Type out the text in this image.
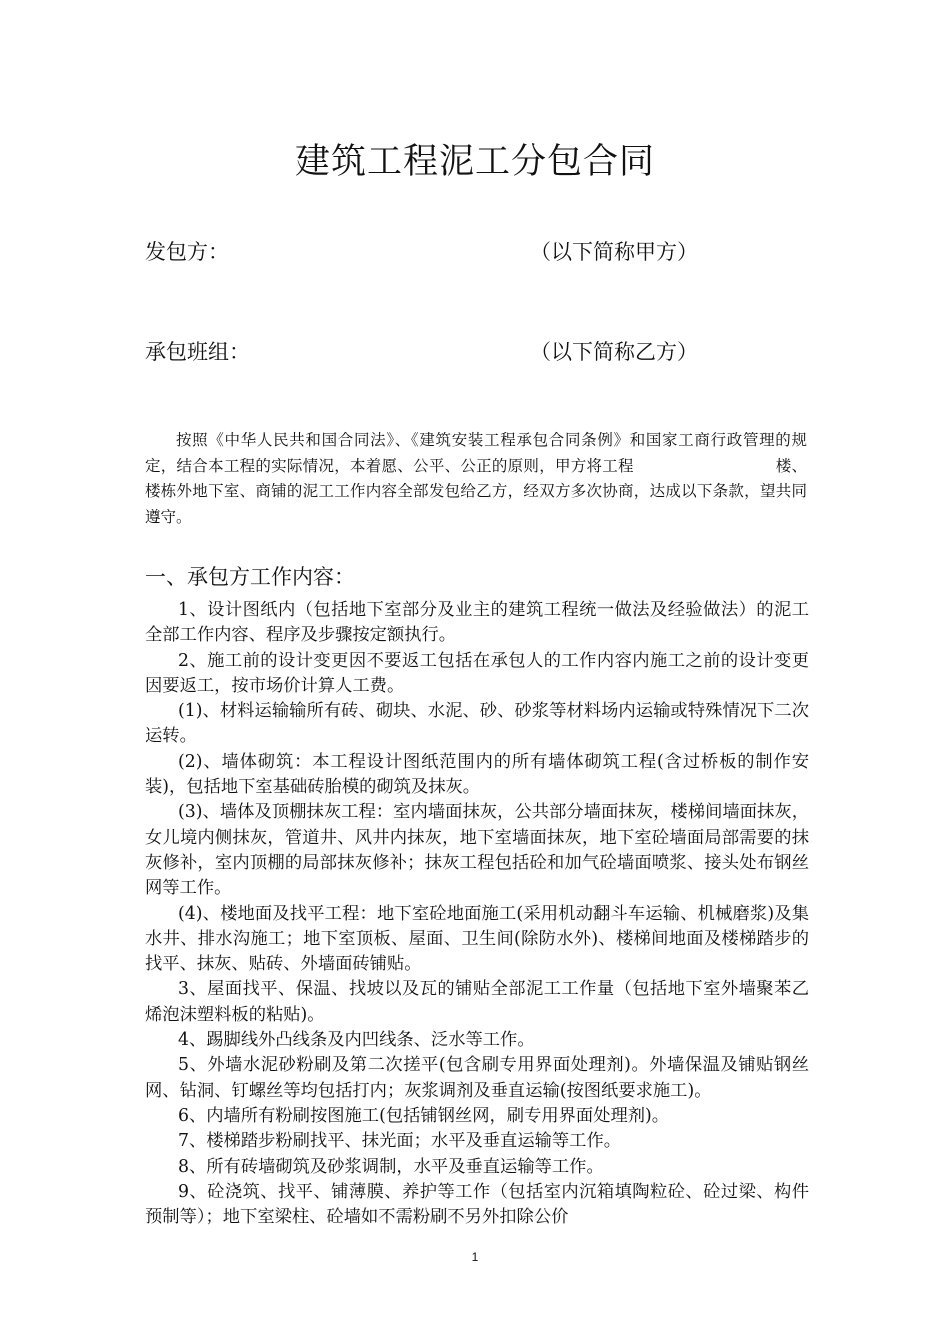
建筑工程泥工分包合同
发包方：	（以下简称甲方）
承包班组：	（以下简称乙方）

按照《中华人民共和国合同法》、《建筑安装工程承包合同条例》和国家工商行政管理的规定，结合本工程的实际情况，本着愿、公平、公正的原则，甲方将工程　　　　　　　　　楼、楼栋外地下室、商铺的泥工工作内容全部发包给乙方，经双方多次协商，达成以下条款，望共同遵守。

一、承包方工作内容：

1、设计图纸内（包括地下室部分及业主的建筑工程统一做法及经验做法）的泥工全部工作内容、程序及步骤按定额执行。

2、施工前的设计变更因不要返工包括在承包人的工作内容内施工之前的设计变更因要返工，按市场价计算人工费。

(1)、材料运输输所有砖、砌块、水泥、砂、砂浆等材料场内运输或特殊情况下二次运转。

(2)、墙体砌筑：本工程设计图纸范围内的所有墙体砌筑工程(含过桥板的制作安装)，包括地下室基础砖胎模的砌筑及抹灰。

(3)、墙体及顶棚抹灰工程：室内墙面抹灰，公共部分墙面抹灰，楼梯间墙面抹灰，女儿境内侧抹灰，管道井、风井内抹灰，地下室墙面抹灰，地下室砼墙面局部需要的抹灰修补，室内顶棚的局部抹灰修补；抹灰工程包括砼和加气砼墙面喷浆、接头处布钢丝网等工作。

(4)、楼地面及找平工程：地下室砼地面施工(采用机动翻斗车运输、机械磨浆)及集水井、排水沟施工；地下室顶板、屋面、卫生间(除防水外)、楼梯间地面及楼梯踏步的找平、抹灰、贴砖、外墙面砖铺贴。

3、屋面找平、保温、找坡以及瓦的铺贴全部泥工工作量（包括地下室外墙聚苯乙烯泡沫塑料板的粘贴)。

4、踢脚线外凸线条及内凹线条、泛水等工作。

5、外墙水泥砂粉刷及第二次搓平(包含刷专用界面处理剂)。外墙保温及铺贴钢丝网、钻洞、钉螺丝等均包括打内；灰浆调剂及垂直运输(按图纸要求施工)。

6、内墙所有粉刷按图施工(包括铺钢丝网，刷专用界面处理剂)。

7、楼梯踏步粉刷找平、抹光面；水平及垂直运输等工作。

8、所有砖墙砌筑及砂浆调制，水平及垂直运输等工作。

9、砼浇筑、找平、铺薄膜、养护等工作（包括室内沉箱填陶粒砼、砼过梁、构件预制等）；地下室梁柱、砼墙如不需粉刷不另外扣除公价

1
